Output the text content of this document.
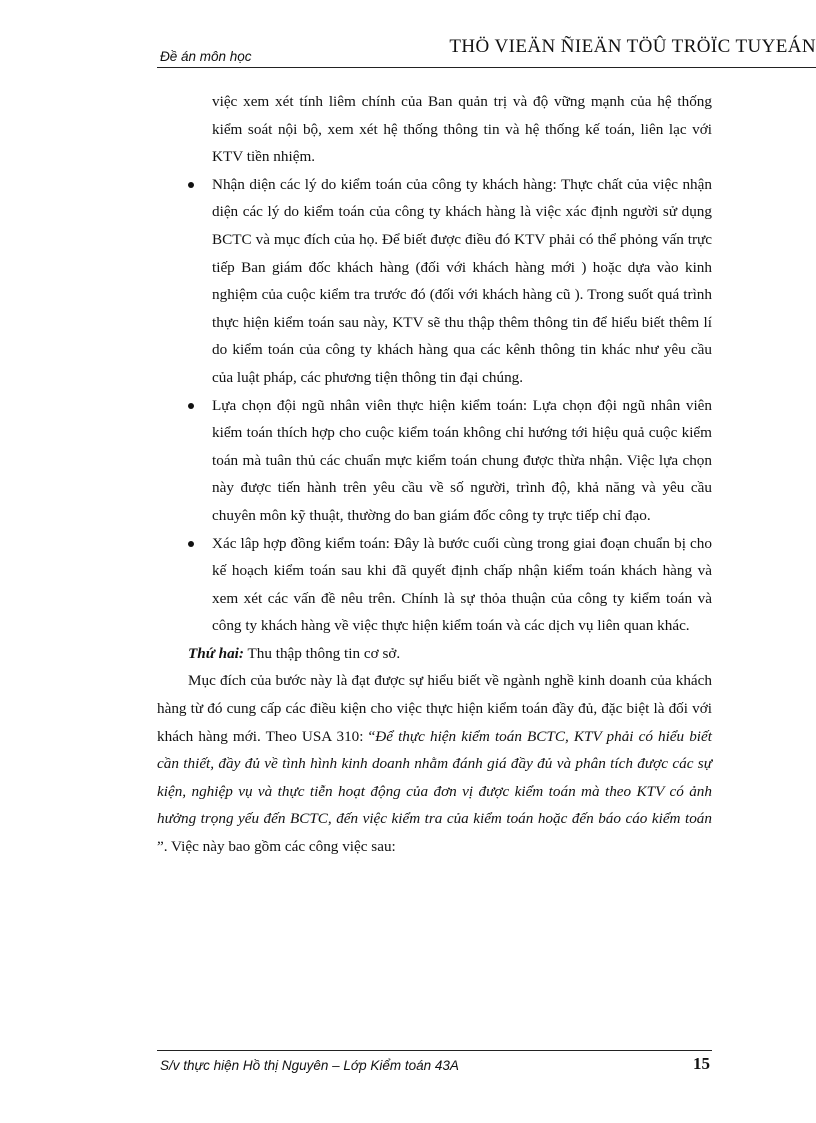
Đề án môn học	THÖ VIEÄN ÑIEÄN TÖÛ TRÖÏC TUYEÁN

việc xem xét tính liêm chính của Ban quản trị và độ vững mạnh của hệ thống kiểm soát nội bộ, xem xét hệ thống thông tin và hệ thống kế toán, liên lạc với KTV tiền nhiệm.

Nhận diện các lý do kiểm toán của công ty khách hàng: Thực chất của việc nhận diện các lý do kiểm toán của công ty khách hàng là việc xác định người sử dụng BCTC và mục đích của họ. Để biết được điều đó KTV phải có thể phỏng vấn trực tiếp Ban giám đốc khách hàng (đối với khách hàng mới ) hoặc dựa vào kinh nghiệm của cuộc kiểm tra trước đó (đối với khách hàng cũ ). Trong suốt quá trình thực hiện kiểm toán sau này, KTV sẽ thu thập thêm thông tin để hiểu biết thêm lí do kiểm toán của công ty khách hàng qua các kênh thông tin khác như yêu cầu của luật pháp, các phương tiện thông tin đại chúng.
Lựa chọn đội ngũ nhân viên thực hiện kiểm toán: Lựa chọn đội ngũ nhân viên kiểm toán thích hợp cho cuộc kiểm toán không chỉ hướng tới hiệu quả cuộc kiểm toán mà tuân thủ các chuẩn mực kiểm toán chung được thừa nhận. Việc lựa chọn này được tiến hành trên yêu cầu về số người, trình độ, khả năng và yêu cầu chuyên môn kỹ thuật, thường do ban giám đốc công ty trực tiếp chỉ đạo.
Xác lâp hợp đồng kiểm toán: Đây là bước cuối cùng trong giai đoạn chuẩn bị cho kế hoạch kiểm toán sau khi đã quyết định chấp nhận kiểm toán khách hàng và xem xét các vấn đề nêu trên. Chính là sự thỏa thuận của công ty kiểm toán và công ty khách hàng về việc thực hiện kiểm toán và các dịch vụ liên quan khác.

Thứ hai: Thu thập thông tin cơ sở.

Mục đích của bước này là đạt được sự hiểu biết về ngành nghề kinh doanh của khách hàng từ đó cung cấp các điều kiện cho việc thực hiện kiểm toán đầy đủ, đặc biệt là đối với khách hàng mới. Theo USA 310: “Để thực hiện kiểm toán BCTC, KTV phải có hiểu biết cần thiết, đầy đủ về tình hình kinh doanh nhằm đánh giá đầy đủ và phân tích được các sự kiện, nghiệp vụ và thực tiễn hoạt động của đơn vị được kiểm toán mà theo KTV có ảnh hưởng trọng yếu đến BCTC, đến việc kiểm tra của kiểm toán hoặc đến báo cáo kiểm toán ”. Việc này bao gồm các công việc sau:

S/v thực hiện Hồ thị Nguyên – Lớp Kiểm toán 43A	15
